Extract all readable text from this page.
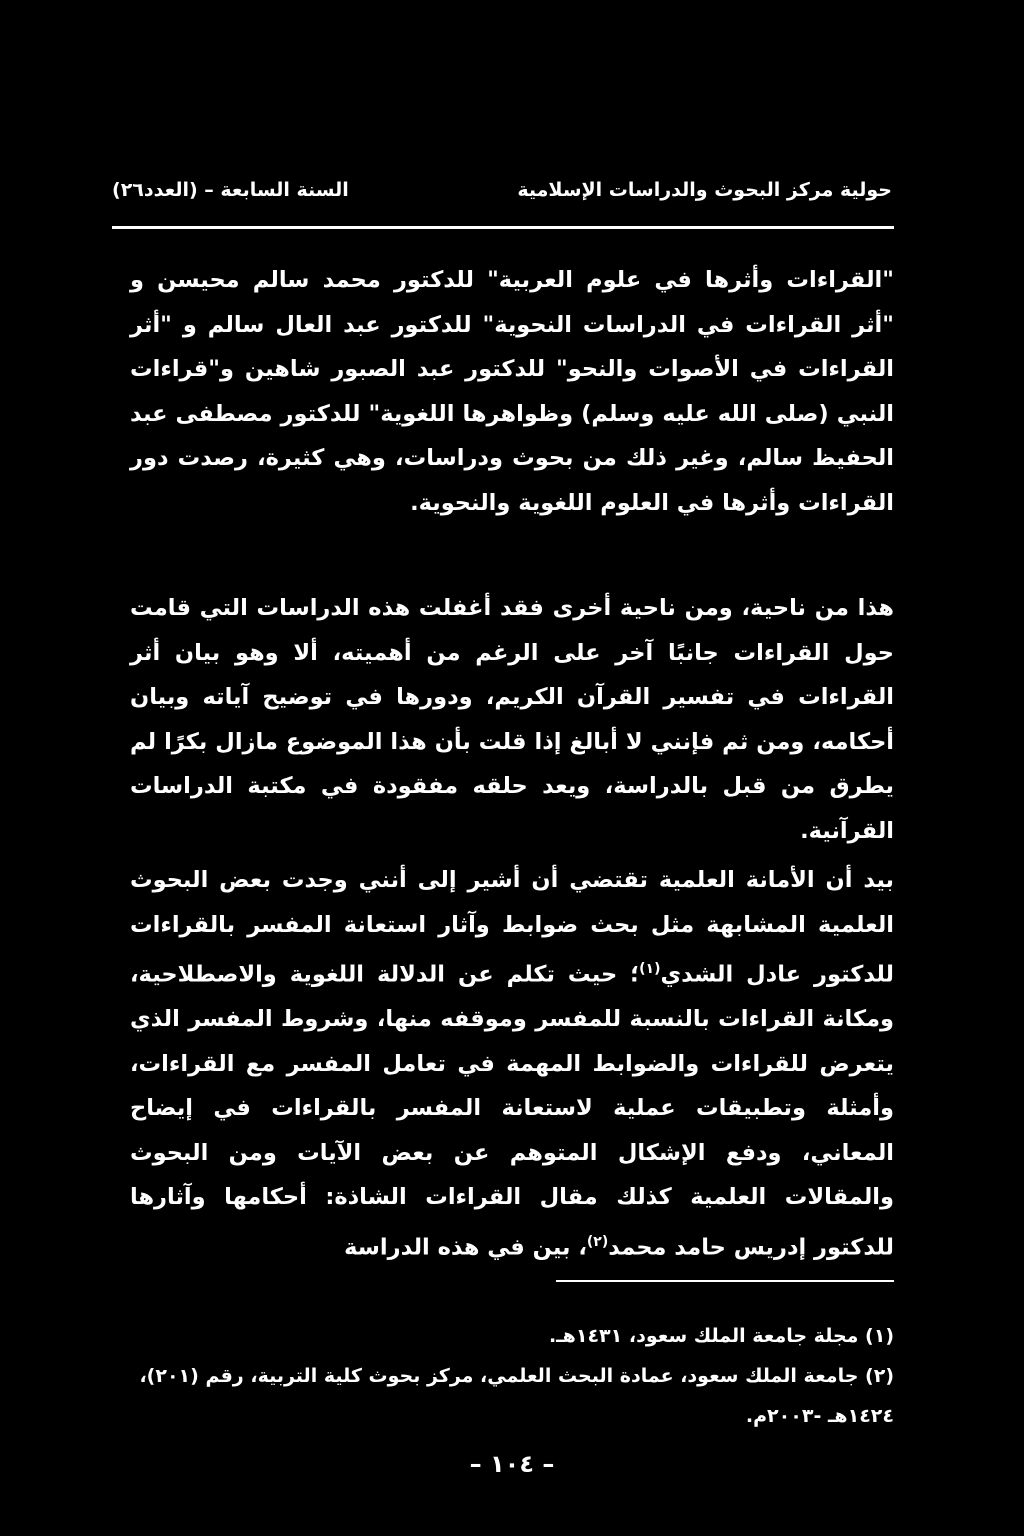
حولية مركز البحوث والدراسات الإسلامية
السنة السابعة – (العدد٢٦)

"القراءات وأثرها في علوم العربية" للدكتور محمد سالم محيسن و "أثر القراءات في الدراسات النحوية" للدكتور عبد العال سالم و "أثر القراءات في الأصوات والنحو" للدكتور عبد الصبور شاهين و"قراءات النبي (صلى الله عليه وسلم) وظواهرها اللغوية" للدكتور مصطفى عبد الحفيظ سالم، وغير ذلك من بحوث ودراسات، وهي كثيرة، رصدت دور القراءات وأثرها في العلوم اللغوية والنحوية.

هذا من ناحية، ومن ناحية أخرى فقد أغفلت هذه الدراسات التي قامت حول القراءات جانبًا آخر على الرغم من أهميته، ألا وهو بيان أثر القراءات في تفسير القرآن الكريم، ودورها في توضيح آياته وبيان أحكامه، ومن ثم فإنني لا أبالغ إذا قلت بأن هذا الموضوع مازال بكرًا لم يطرق من قبل بالدراسة، ويعد حلقه مفقودة في مكتبة الدراسات القرآنية.

بيد أن الأمانة العلمية تقتضي أن أشير إلى أنني وجدت بعض البحوث العلمية المشابهة مثل بحث ضوابط وآثار استعانة المفسر بالقراءات للدكتور عادل الشدي$^{(١)}$؛ حيث تكلم عن الدلالة اللغوية والاصطلاحية، ومكانة القراءات بالنسبة للمفسر وموقفه منها، وشروط المفسر الذي يتعرض للقراءات والضوابط المهمة في تعامل المفسر مع القراءات، وأمثلة وتطبيقات عملية لاستعانة المفسر بالقراءات في إيضاح المعاني، ودفع الإشكال المتوهم عن بعض الآيات ومن البحوث والمقالات العلمية كذلك مقال القراءات الشاذة: أحكامها وآثارها للدكتور إدريس حامد محمد$^{(٢)}$، بين في هذه الدراسة

(١) مجلة جامعة الملك سعود، ١٤٣١هـ.
(٢) جامعة الملك سعود، عمادة البحث العلمي، مركز بحوث كلية التربية، رقم (٢٠١)،
١٤٢٤هـ -٢٠٠٣م.
– ١٠٤ –
